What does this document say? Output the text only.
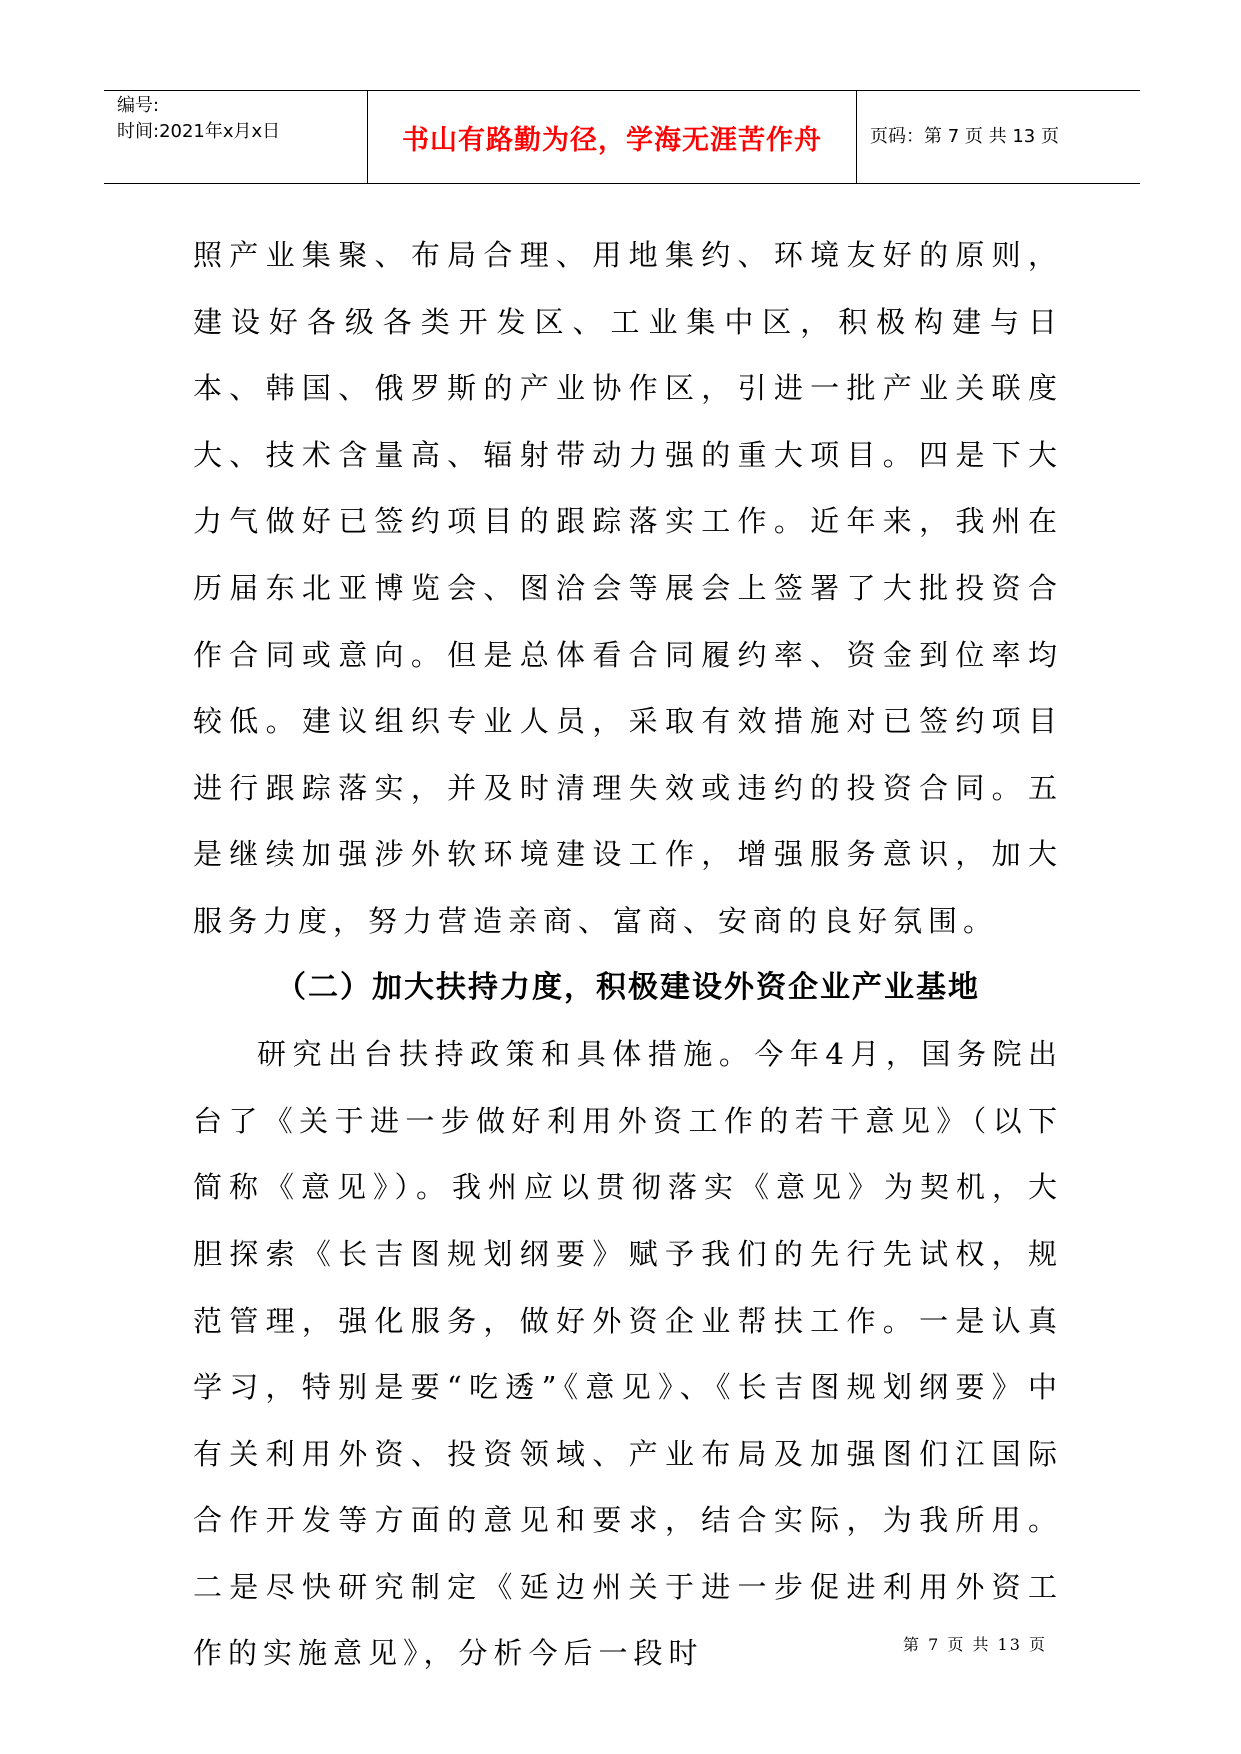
编号:
时间:2021年x月x日	书山有路勤为径，学海无涯苦作舟	页码：第 7 页 共 13 页

照产业集聚、布局合理、用地集约、环境友好的原则，建设好各级各类开发区、工业集中区，积极构建与日本、韩国、俄罗斯的产业协作区，引进一批产业关联度大、技术含量高、辐射带动力强的重大项目。四是下大力气做好已签约项目的跟踪落实工作。近年来，我州在历届东北亚博览会、图洽会等展会上签署了大批投资合作合同或意向。但是总体看合同履约率、资金到位率均较低。建议组织专业人员，采取有效措施对已签约项目进行跟踪落实，并及时清理失效或违约的投资合同。五是继续加强涉外软环境建设工作，增强服务意识，加大服务力度，努力营造亲商、富商、安商的良好氛围。

（二）加大扶持力度，积极建设外资企业产业基地

研究出台扶持政策和具体措施。今年4月，国务院出台了《关于进一步做好利用外资工作的若干意见》（以下简称《意见》）。我州应以贯彻落实《意见》为契机，大胆探索《长吉图规划纲要》赋予我们的先行先试权，规范管理，强化服务，做好外资企业帮扶工作。一是认真学习，特别是要“吃透”《意见》、《长吉图规划纲要》中有关利用外资、投资领域、产业布局及加强图们江国际合作开发等方面的意见和要求，结合实际，为我所用。二是尽快研究制定《延边州关于进一步促进利用外资工作的实施意见》，分析今后一段时	第 7 页 共 13 页
